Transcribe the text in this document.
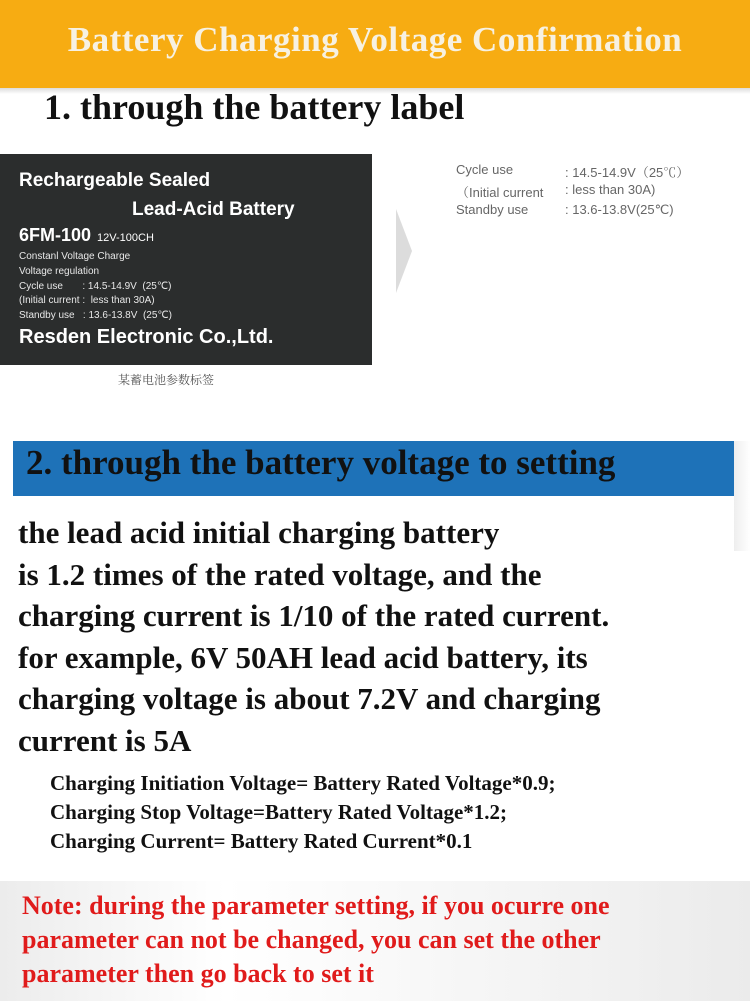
Battery Charging Voltage Confirmation
1. through the battery label
Rechargeable Sealed
Lead-Acid Battery
6FM-100 12V-100CH
Constanl Voltage Charge
Voltage regulation
Cycle use       : 14.5-14.9V  (25℃)
(Initial current :  less than 30A)
Standby use   : 13.6-13.8V  (25℃)
Resden Electronic Co.,Ltd.
某蓄电池参数标签
Cycle use	: 14.5-14.9V（25℃）
（Initial current : less than 30A)
Standby use	: 13.6-13.8V(25℃)
2. through the battery voltage to setting
the lead acid initial charging battery
is 1.2 times of the rated voltage, and the
charging current is 1/10 of the rated current.
for example, 6V 50AH lead acid battery, its
charging voltage is about 7.2V and charging
current is 5A
Charging Initiation Voltage= Battery Rated Voltage*0.9;
Charging Stop Voltage=Battery Rated Voltage*1.2;
Charging Current= Battery Rated Current*0.1
Note: during the parameter setting, if you ocurre one
parameter can not be changed, you can set the other
parameter then go back to set it
